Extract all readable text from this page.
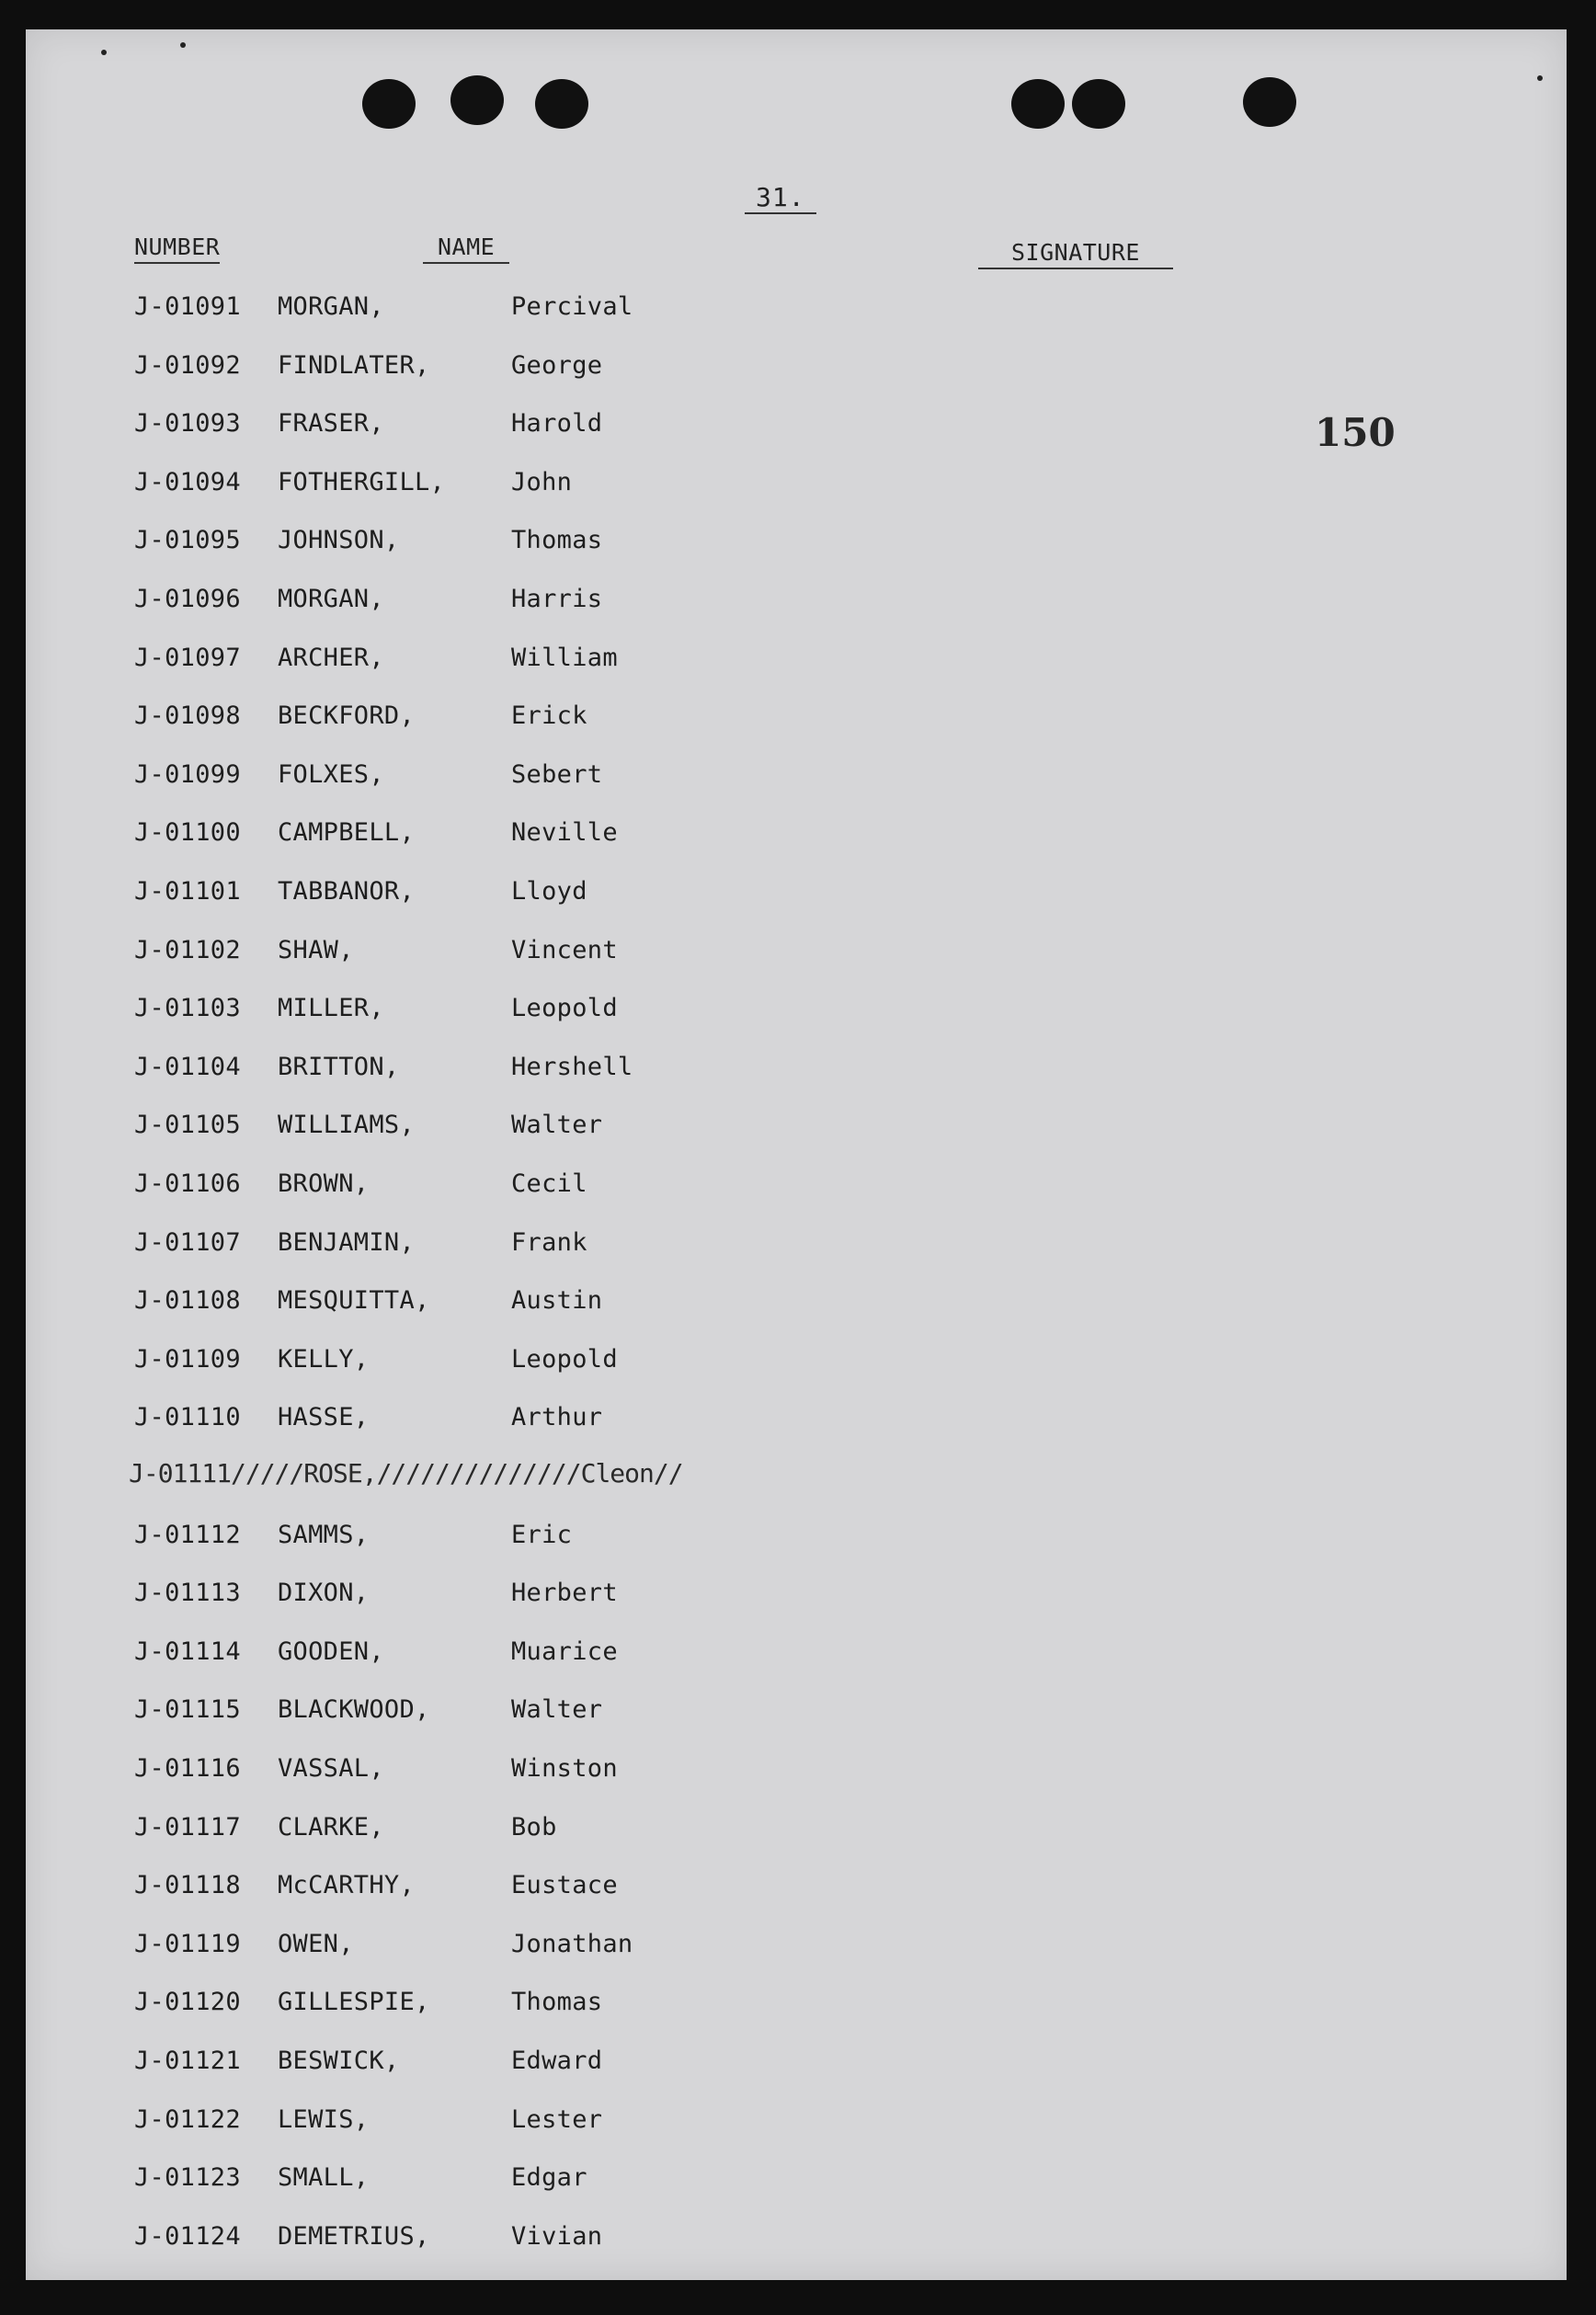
31.
NUMBER	NAME	SIGNATURE
150
J-01091 MORGAN,	Percival
J-01092 FINDLATER,	George
J-01093 FRASER,	Harold
J-01094 FOTHERGILL,	John
J-01095 JOHNSON,	Thomas
J-01096 MORGAN,	Harris
J-01097 ARCHER,	William
J-01098 BECKFORD,	Erick
J-01099 FOLXES,	Sebert
J-01100 CAMPBELL,	Neville
J-01101 TABBANOR,	Lloyd
J-01102 SHAW,	Vincent
J-01103 MILLER,	Leopold
J-01104 BRITTON,	Hershell
J-01105 WILLIAMS,	Walter
J-01106 BROWN,	Cecil
J-01107 BENJAMIN,	Frank
J-01108 MESQUITTA,	Austin
J-01109 KELLY,	Leopold
J-01110 HASSE,	Arthur
J-01112 SAMMS,	Eric
J-01113 DIXON,	Herbert
J-01114 GOODEN,	Muarice
J-01115 BLACKWOOD,	Walter
J-01116 VASSAL,	Winston
J-01117 CLARKE,	Bob
J-01118 McCARTHY,	Eustace
J-01119 OWEN,	Jonathan
J-01120 GILLESPIE,	Thomas
J-01121 BESWICK,	Edward
J-01122 LEWIS,	Lester
J-01123 SMALL,	Edgar
J-01124 DEMETRIUS,	Vivian
J-01111/////ROSE,//////////////Cleon//
